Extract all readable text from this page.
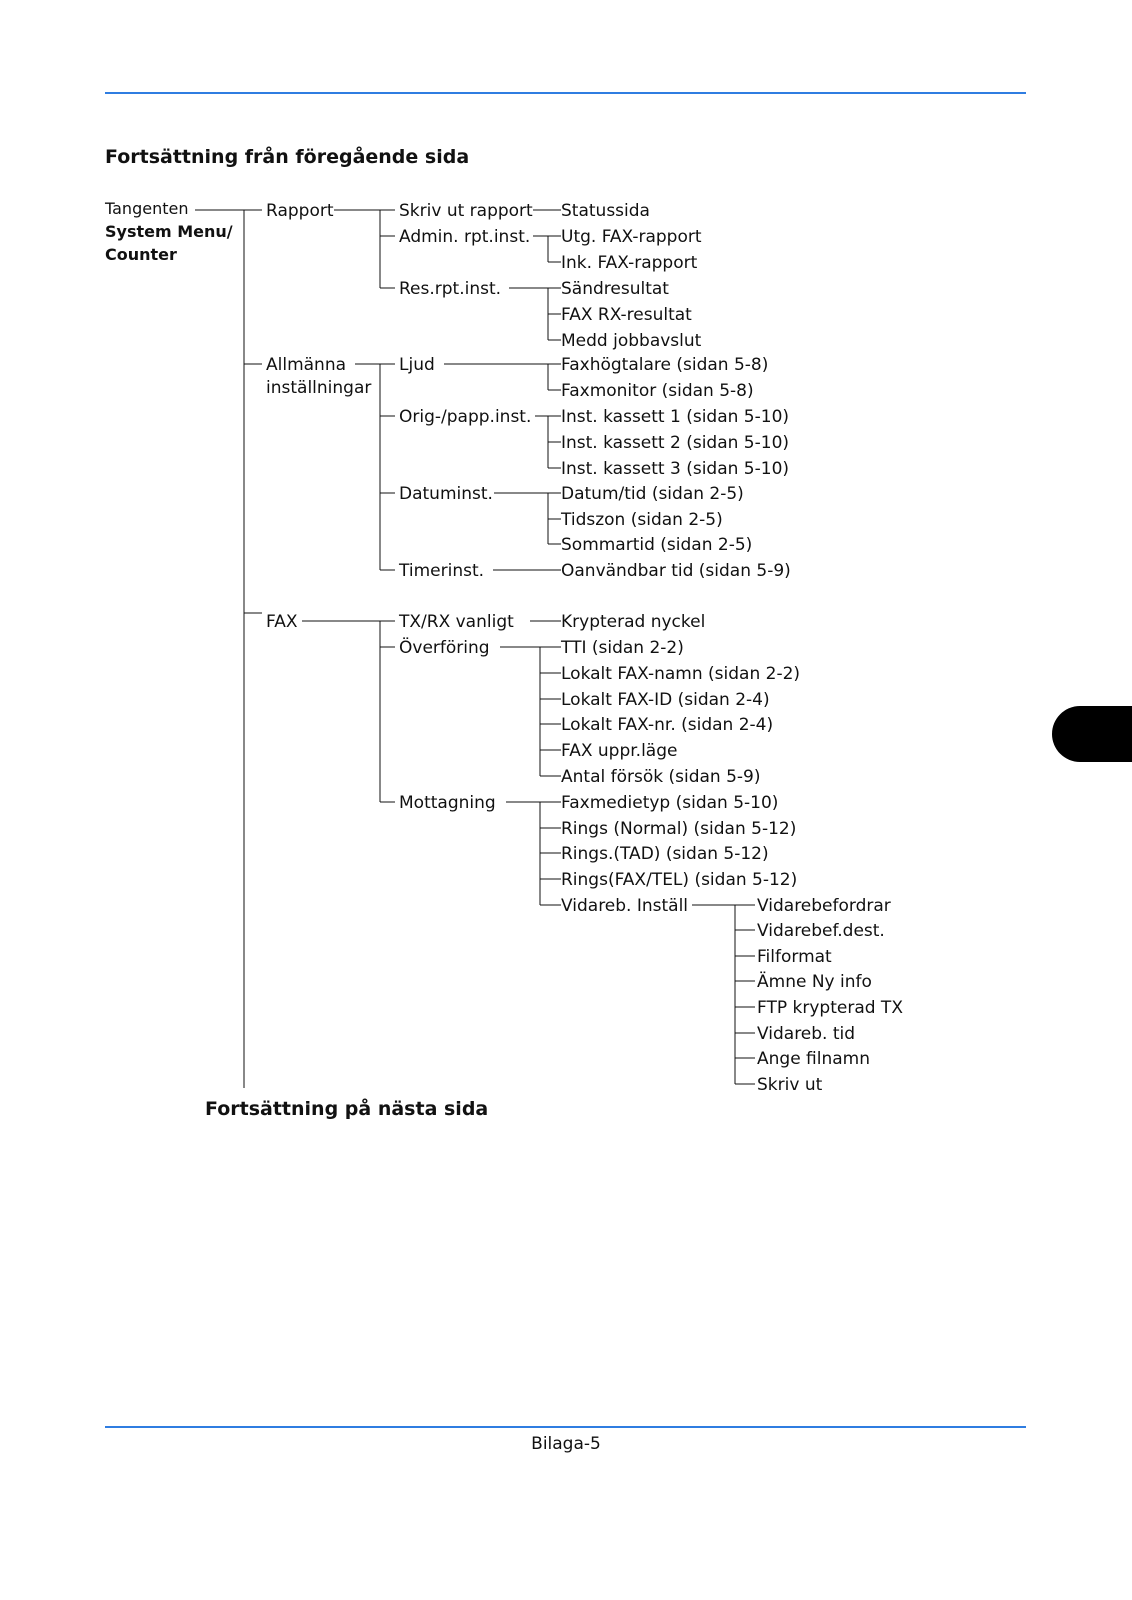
Fortsättning från föregående sida
Tangenten
System Menu/
Counter
Rapport
Allmänna
inställningar
FAX
Skriv ut rapport
Admin. rpt.inst.
Res.rpt.inst.
Ljud
Orig-/papp.inst.
Datuminst.
Timerinst.
TX/RX vanligt
Överföring
Mottagning
Statussida
Utg. FAX-rapport
Ink. FAX-rapport
Sändresultat
FAX RX-resultat
Medd jobbavslut
Faxhögtalare (sidan 5-8)
Faxmonitor (sidan 5-8)
Inst. kassett 1 (sidan 5-10)
Inst. kassett 2 (sidan 5-10)
Inst. kassett 3 (sidan 5-10)
Datum/tid (sidan 2-5)
Tidszon (sidan 2-5)
Sommartid (sidan 2-5)
Oanvändbar tid (sidan 5-9)
Krypterad nyckel
TTI (sidan 2-2)
Lokalt FAX-namn (sidan 2-2)
Lokalt FAX-ID (sidan 2-4)
Lokalt FAX-nr. (sidan 2-4)
FAX uppr.läge
Antal försök (sidan 5-9)
Faxmedietyp (sidan 5-10)
Rings (Normal) (sidan 5-12)
Rings.(TAD) (sidan 5-12)
Rings(FAX/TEL) (sidan 5-12)
Vidareb. Inställ	Vidarebefordrar
Vidarebef.dest.
Filformat
Ämne Ny info
FTP krypterad TX
Vidareb. tid
Ange filnamn
Skriv ut
Fortsättning på nästa sida
Bilaga-5
